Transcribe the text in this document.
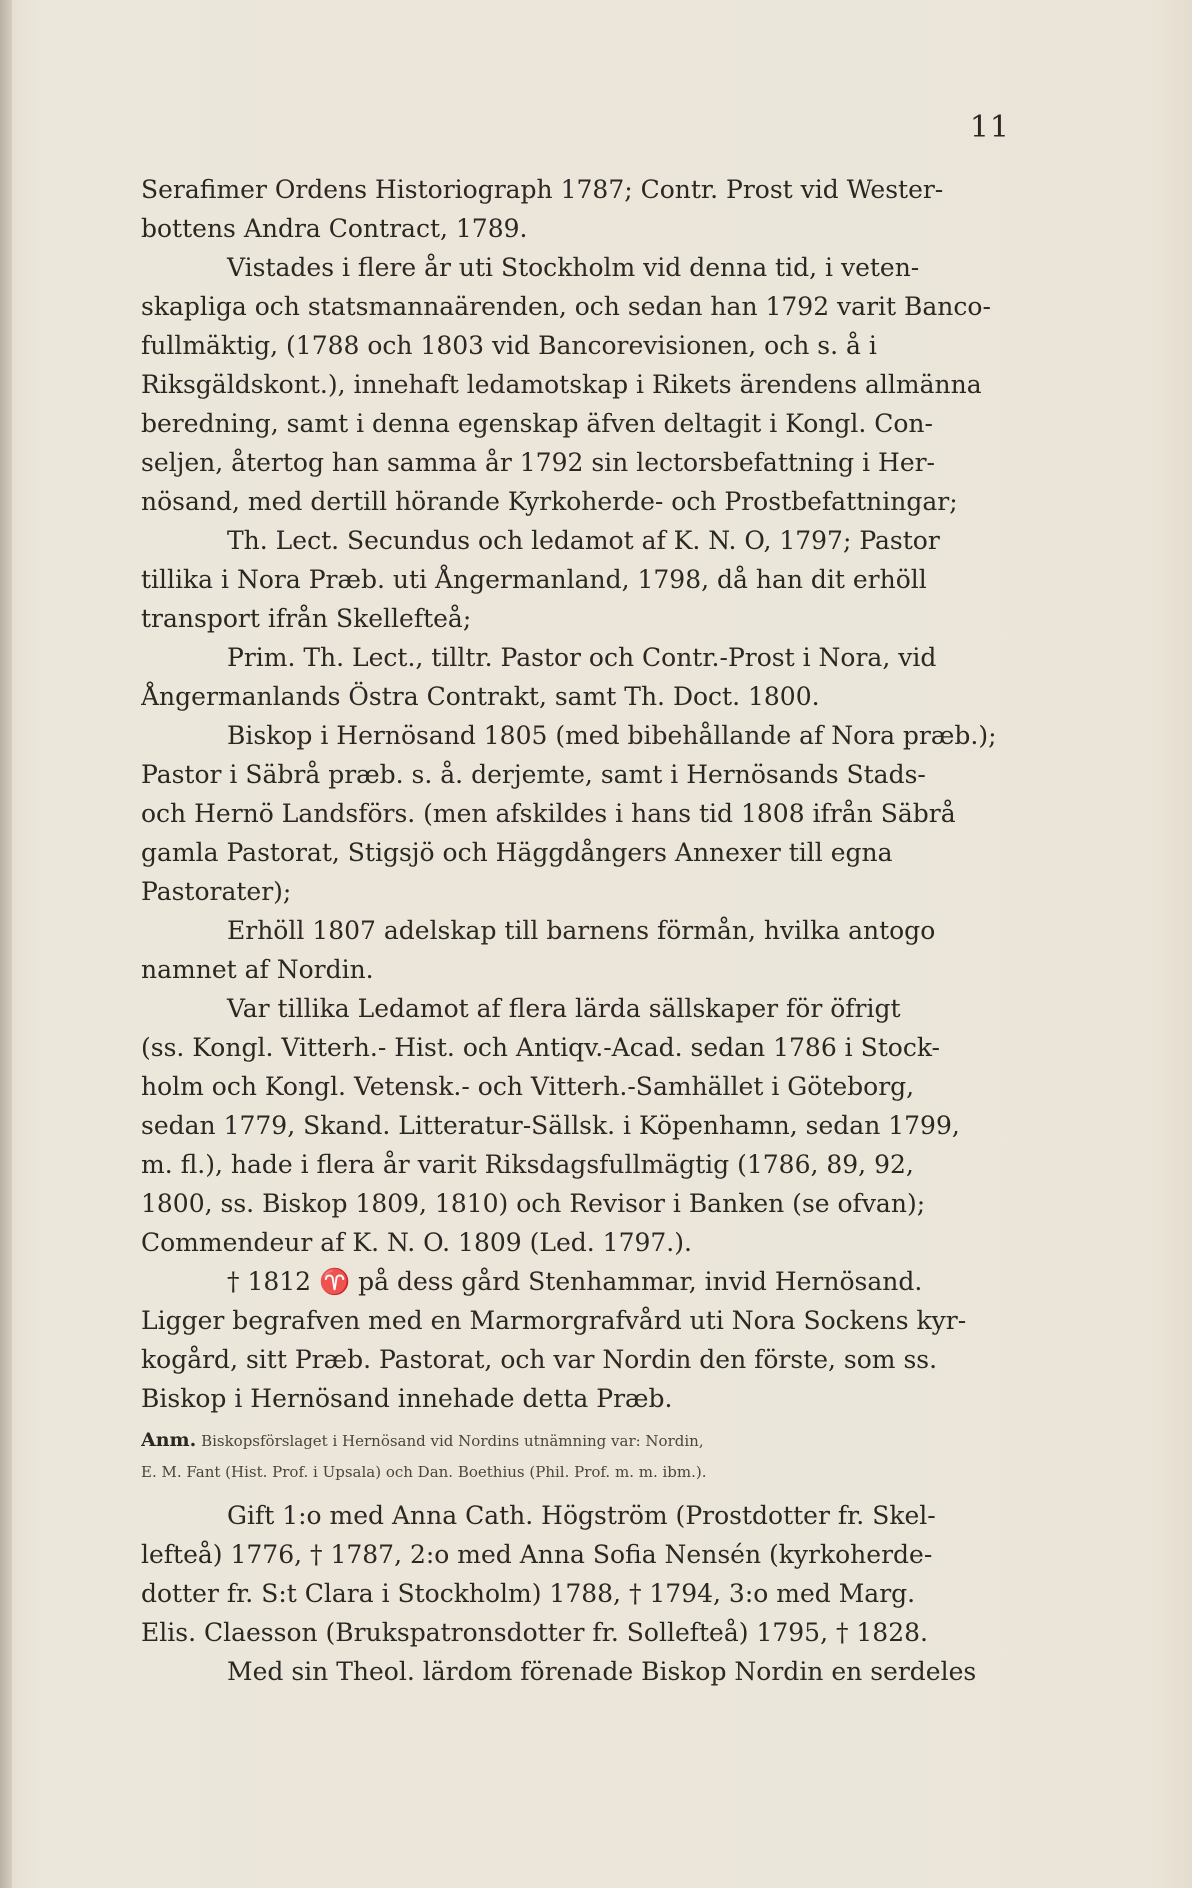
11
Serafimer Ordens Historiograph 1787; Contr. Prost vid Wester-
bottens Andra Contract, 1789.
Vistades i flere år uti Stockholm vid denna tid, i veten-
skapliga och statsmannaärenden, och sedan han 1792 varit Banco-
fullmäktig, (1788 och 1803 vid Bancorevisionen, och s. å i
Riksgäldskont.), innehaft ledamotskap i Rikets ärendens allmänna
beredning, samt i denna egenskap äfven deltagit i Kongl. Con-
seljen, återtog han samma år 1792 sin lectorsbefattning i Her-
nösand, med dertill hörande Kyrkoherde- och Prostbefattningar;
Th. Lect. Secundus och ledamot af K. N. O, 1797; Pastor
tillika i Nora Præb. uti Ångermanland, 1798, då han dit erhöll
transport ifrån Skellefteå;
Prim. Th. Lect., tilltr. Pastor och Contr.-Prost i Nora, vid
Ångermanlands Östra Contrakt, samt Th. Doct. 1800.
Biskop i Hernösand 1805 (med bibehållande af Nora præb.);
Pastor i Säbrå præb. s. å. derjemte, samt i Hernösands Stads-
och Hernö Landsförs. (men afskildes i hans tid 1808 ifrån Säbrå
gamla Pastorat, Stigsjö och Häggdångers Annexer till egna
Pastorater);
Erhöll 1807 adelskap till barnens förmån, hvilka antogo
namnet af Nordin.
Var tillika Ledamot af flera lärda sällskaper för öfrigt
(ss. Kongl. Vitterh.- Hist. och Antiqv.-Acad. sedan 1786 i Stock-
holm och Kongl. Vetensk.- och Vitterh.-Samhället i Göteborg,
sedan 1779, Skand. Litteratur-Sällsk. i Köpenhamn, sedan 1799,
m. fl.), hade i flera år varit Riksdagsfullmägtig (1786, 89, 92,
1800, ss. Biskop 1809, 1810) och Revisor i Banken (se ofvan);
Commendeur af K. N. O. 1809 (Led. 1797.).
† 1812 ♈ på dess gård Stenhammar, invid Hernösand.
Ligger begrafven med en Marmorgrafvård uti Nora Sockens kyr-
kogård, sitt Præb. Pastorat, och var Nordin den förste, som ss.
Biskop i Hernösand innehade detta Præb.
Anm. Biskopsförslaget i Hernösand vid Nordins utnämning var: Nordin,
E. M. Fant (Hist. Prof. i Upsala) och Dan. Boethius (Phil. Prof. m. m. ibm.).
Gift 1:o med Anna Cath. Högström (Prostdotter fr. Skel-
lefteå) 1776, † 1787, 2:o med Anna Sofia Nensén (kyrkoherde-
dotter fr. S:t Clara i Stockholm) 1788, † 1794, 3:o med Marg.
Elis. Claesson (Brukspatronsdotter fr. Sollefteå) 1795, † 1828.
Med sin Theol. lärdom förenade Biskop Nordin en serdeles
